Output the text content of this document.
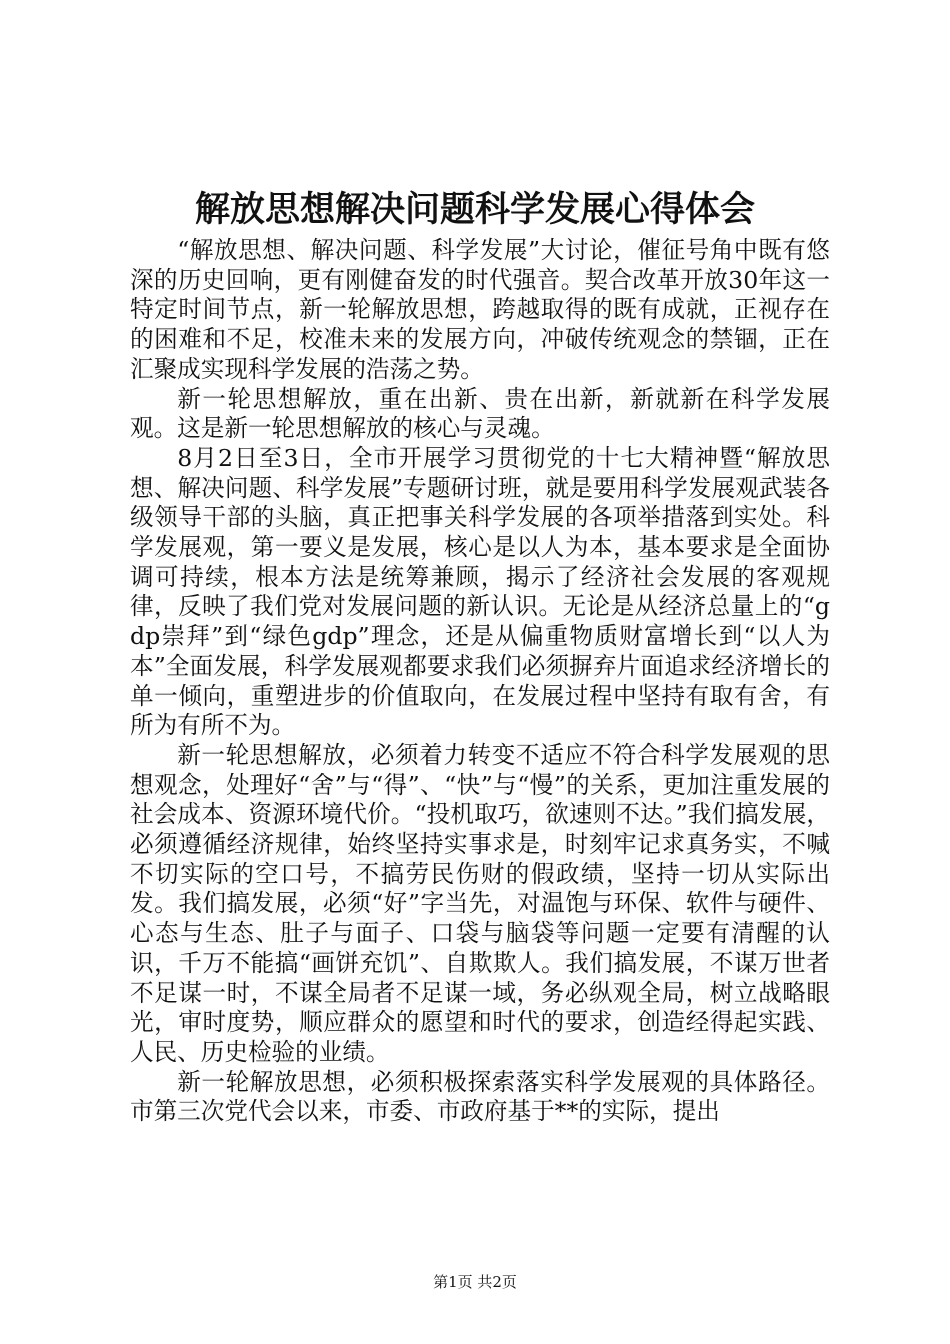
解放思想解决问题科学发展心得体会

“解放思想、解决问题、科学发展”大讨论，催征号角中既有悠深的历史回响，更有刚健奋发的时代强音。契合改革开放30年这一特定时间节点，新一轮解放思想，跨越取得的既有成就，正视存在的困难和不足，校准未来的发展方向，冲破传统观念的禁锢，正在汇聚成实现科学发展的浩荡之势。

新一轮思想解放，重在出新、贵在出新，新就新在科学发展观。这是新一轮思想解放的核心与灵魂。

8月2日至3日，全市开展学习贯彻党的十七大精神暨“解放思想、解决问题、科学发展”专题研讨班，就是要用科学发展观武装各级领导干部的头脑，真正把事关科学发展的各项举措落到实处。科学发展观，第一要义是发展，核心是以人为本，基本要求是全面协调可持续，根本方法是统筹兼顾，揭示了经济社会发展的客观规律，反映了我们党对发展问题的新认识。无论是从经济总量上的“gdp崇拜”到“绿色gdp”理念，还是从偏重物质财富增长到“以人为本”全面发展，科学发展观都要求我们必须摒弃片面追求经济增长的单一倾向，重塑进步的价值取向，在发展过程中坚持有取有舍，有所为有所不为。

新一轮思想解放，必须着力转变不适应不符合科学发展观的思想观念，处理好“舍”与“得”、“快”与“慢”的关系，更加注重发展的社会成本、资源环境代价。“投机取巧，欲速则不达。”我们搞发展，必须遵循经济规律，始终坚持实事求是，时刻牢记求真务实，不喊不切实际的空口号，不搞劳民伤财的假政绩，坚持一切从实际出发。我们搞发展，必须“好”字当先，对温饱与环保、软件与硬件、心态与生态、肚子与面子、口袋与脑袋等问题一定要有清醒的认识，千万不能搞“画饼充饥”、自欺欺人。我们搞发展，不谋万世者不足谋一时，不谋全局者不足谋一域，务必纵观全局，树立战略眼光，审时度势，顺应群众的愿望和时代的要求，创造经得起实践、人民、历史检验的业绩。

新一轮解放思想，必须积极探索落实科学发展观的具体路径。市第三次党代会以来，市委、市政府基于**的实际，提出

第1页 共2页
